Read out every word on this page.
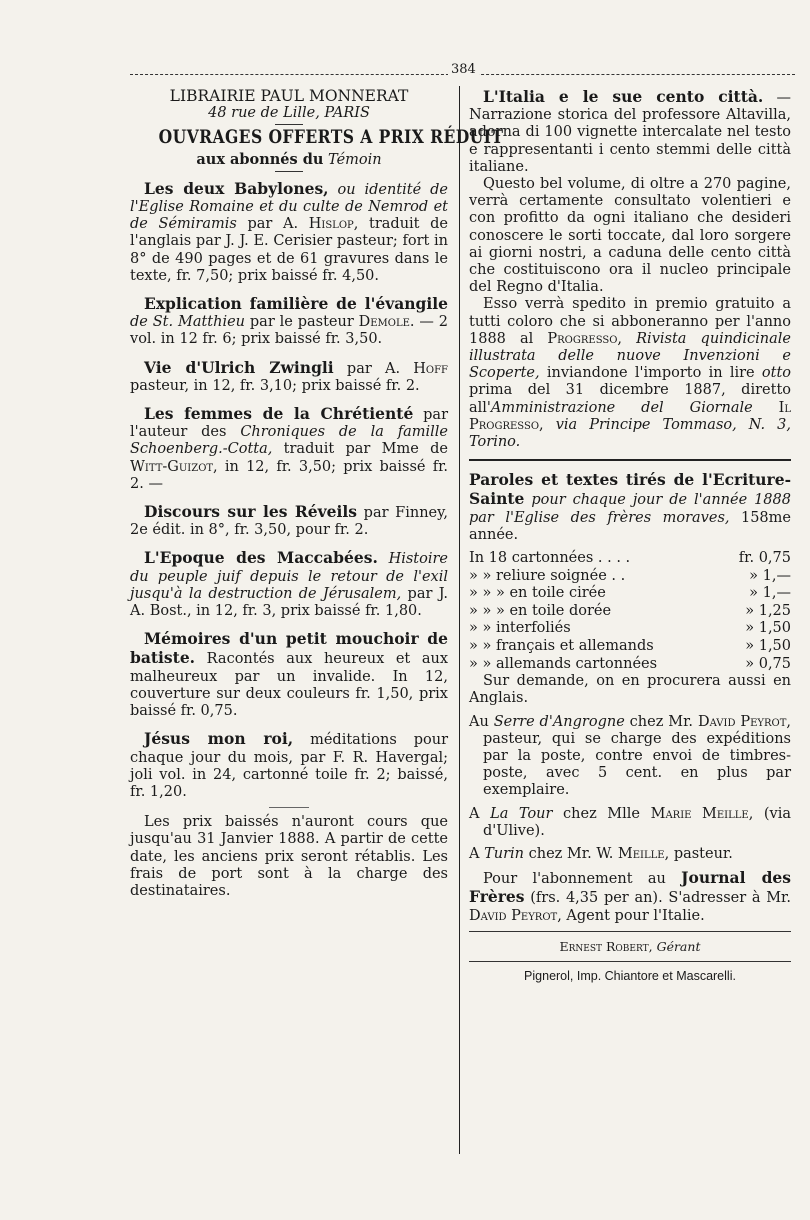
384

LIBRAIRIE PAUL MONNERAT

48 rue de Lille, PARIS

OUVRAGES OFFERTS A PRIX RÉDUIT

aux abonnés du Témoin

Les deux Babylones, ou identité de l'Eglise Romaine et du culte de Nemrod et de Sémiramis par A. Hislop, traduit de l'anglais par J. J. E. Cerisier pasteur; fort in 8° de 490 pages et de 61 gravures dans le texte, fr. 7,50; prix baissé fr. 4,50.

Explication familière de l'évangile de St. Matthieu par le pasteur Demole. — 2 vol. in 12 fr. 6; prix baissé fr. 3,50.

Vie d'Ulrich Zwingli par A. Hoff pasteur, in 12, fr. 3,10; prix baissé fr. 2.

Les femmes de la Chrétienté par l'auteur des Chroniques de la famille Schoenberg.-Cotta, traduit par Mme de Witt-Guizot, in 12, fr. 3,50; prix baissé fr. 2. —

Discours sur les Réveils par Finney, 2e édit. in 8°, fr. 3,50, pour fr. 2.

L'Epoque des Maccabées. Histoire du peuple juif depuis le retour de l'exil jusqu'à la destruction de Jérusalem, par J. A. Bost., in 12, fr. 3, prix baissé fr. 1,80.

Mémoires d'un petit mouchoir de batiste. Racontés aux heureux et aux malheureux par un invalide. In 12, couverture sur deux couleurs fr. 1,50, prix baissé fr. 0,75.

Jésus mon roi, méditations pour chaque jour du mois, par F. R. Havergal; joli vol. in 24, cartonné toile fr. 2; baissé, fr. 1,20.

Les prix baissés n'auront cours que jusqu'au 31 Janvier 1888. A partir de cette date, les anciens prix seront rétablis. Les frais de port sont à la charge des destinataires.

L'Italia e le sue cento città. — Narrazione storica del professore Altavilla, adorna di 100 vignette intercalate nel testo e rappresentanti i cento stemmi delle città italiane.

Questo bel volume, di oltre a 270 pagine, verrà certamente consultato volentieri e con profitto da ogni italiano che desideri conoscere le sorti toccate, dal loro sorgere ai giorni nostri, a caduna delle cento città che costituiscono ora il nucleo principale del Regno d'Italia.

Esso verrà spedito in premio gratuito a tutti coloro che si abboneranno per l'anno 1888 al Progresso, Rivista quindicinale illustrata delle nuove Invenzioni e Scoperte, inviandone l'importo in lire otto prima del 31 dicembre 1887, diretto all'Amministrazione del Giornale Il Progresso, via Principe Tommaso, N. 3, Torino.

Paroles et textes tirés de l'Ecriture-Sainte pour chaque jour de l'année 1888 par l'Eglise des frères moraves, 158me année.

In 18 cartonnées . . . .	fr. 0,75
» » reliure soignée . .	» 1,—
» » » en toile cirée	» 1,—
» » » en toile dorée	» 1,25
» » interfoliés	» 1,50
» » français et allemands	» 1,50
» » allemands cartonnées	» 0,75

Sur demande, on en procurera aussi en Anglais.

Au Serre d'Angrogne chez Mr. David Peyrot, pasteur, qui se charge des expéditions par la poste, contre envoi de timbres-poste, avec 5 cent. en plus par exemplaire.

A La Tour chez Mlle Marie Meille, (via d'Ulive).

A Turin chez Mr. W. Meille, pasteur.

Pour l'abonnement au Journal des Frères (frs. 4,35 per an). S'adresser à Mr. David Peyrot, Agent pour l'Italie.

Ernest Robert, Gérant

Pignerol, Imp. Chiantore et Mascarelli.
